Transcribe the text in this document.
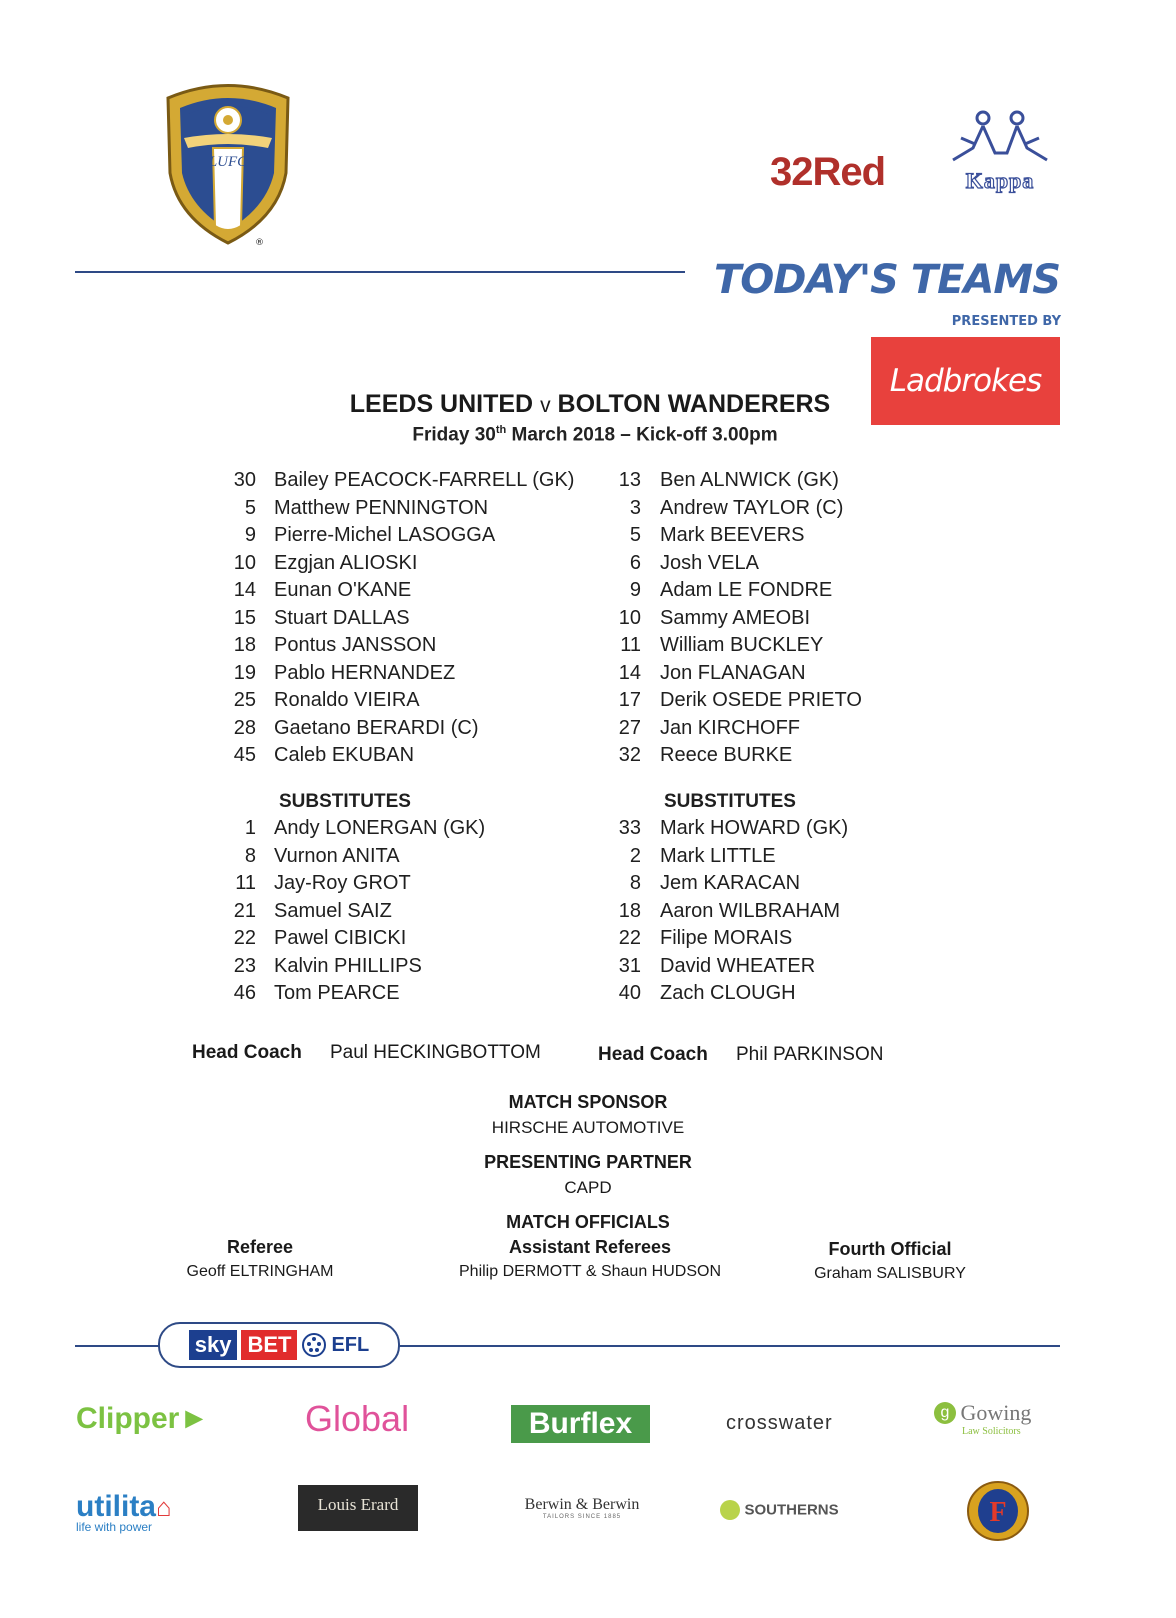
LUFC
®
32Red	Kappa
TODAY'S TEAMS
PRESENTED BY
Ladbrokes
LEEDS UNITED v BOLTON WANDERERS
Friday 30th March 2018 – Kick-off 3.00pm
30 Bailey PEACOCK-FARRELL (GK)
5 Matthew PENNINGTON
9 Pierre-Michel LASOGGA
10 Ezgjan ALIOSKI
14 Eunan O'KANE
15 Stuart DALLAS
18 Pontus JANSSON
19 Pablo HERNANDEZ
25 Ronaldo VIEIRA
28 Gaetano BERARDI (C)
45 Caleb EKUBAN
SUBSTITUTES
1 Andy LONERGAN (GK)
8 Vurnon ANITA
11 Jay-Roy GROT
21 Samuel SAIZ
22 Pawel CIBICKI
23 Kalvin PHILLIPS
46 Tom PEARCE
13 Ben ALNWICK (GK)
3 Andrew TAYLOR (C)
5 Mark BEEVERS
6 Josh VELA
9 Adam LE FONDRE
10 Sammy AMEOBI
11 William BUCKLEY
14 Jon FLANAGAN
17 Derik OSEDE PRIETO
27 Jan KIRCHOFF
32 Reece BURKE
SUBSTITUTES
33 Mark HOWARD (GK)
2 Mark LITTLE
8 Jem KARACAN
18 Aaron WILBRAHAM
22 Filipe MORAIS
31 David WHEATER
40 Zach CLOUGH
Head Coach Paul HECKINGBOTTOM	Head Coach Phil PARKINSON
MATCH SPONSOR
HIRSCHE AUTOMOTIVE
PRESENTING PARTNER
CAPD
MATCH OFFICIALS
Referee
Geoff ELTRINGHAM
Assistant Referees
Philip DERMOTT & Shaun HUDSON
Fourth Official
Graham SALISBURY
sky BET	EFL
Clipper►	Global	Burflex	crosswater	g Gowing
Law Solicitors
utilita⌂
life with power
Louis Erard	Berwin & Berwin
TAILORS SINCE 1885	SOUTHERNS	F
